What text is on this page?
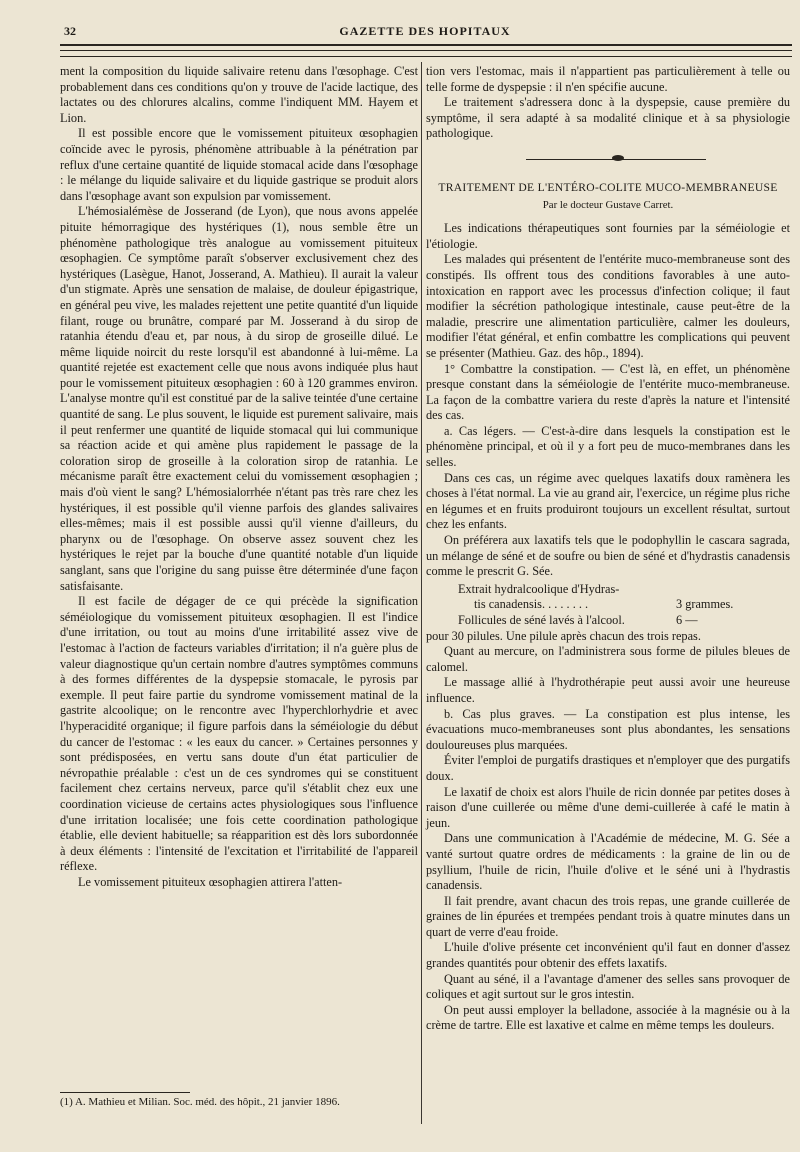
32	GAZETTE DES HOPITAUX

ment la composition du liquide salivaire retenu dans l'œsophage. C'est probablement dans ces conditions qu'on y trouve de l'acide lactique, des lactates ou des chlorures alcalins, comme l'indiquent MM. Hayem et Lion.

Il est possible encore que le vomissement pituiteux œsophagien coïncide avec le pyrosis, phénomène attribuable à la pénétration par reflux d'une certaine quantité de liquide stomacal acide dans l'œsophage : le mélange du liquide salivaire et du liquide gastrique se produit alors dans l'œsophage avant son expulsion par vomissement.

L'hémosialémèse de Josserand (de Lyon), que nous avons appelée pituite hémorragique des hystériques (1), nous semble être un phénomène pathologique très analogue au vomissement pituiteux œsophagien. Ce symptôme paraît s'observer exclusivement chez des hystériques (Lasègue, Hanot, Josserand, A. Mathieu). Il aurait la valeur d'un stigmate. Après une sensation de malaise, de douleur épigastrique, en général peu vive, les malades rejettent une petite quantité d'un liquide filant, rouge ou brunâtre, comparé par M. Josserand à du sirop de ratanhia étendu d'eau et, par nous, à du sirop de groseille dilué. Le même liquide noircit du reste lorsqu'il est abandonné à lui-même. La quantité rejetée est exactement celle que nous avons indiquée plus haut pour le vomissement pituiteux œsophagien : 60 à 120 grammes environ. L'analyse montre qu'il est constitué par de la salive teintée d'une certaine quantité de sang. Le plus souvent, le liquide est purement salivaire, mais il peut renfermer une quantité de liquide stomacal qui lui communique sa réaction acide et qui amène plus rapidement le passage de la coloration sirop de groseille à la coloration sirop de ratanhia. Le mécanisme paraît être exactement celui du vomissement œsophagien ; mais d'où vient le sang? L'hémosialorrhée n'étant pas très rare chez les hystériques, il est possible qu'il vienne parfois des glandes salivaires elles-mêmes; mais il est possible aussi qu'il vienne d'ailleurs, du pharynx ou de l'œsophage. On observe assez souvent chez les hystériques le rejet par la bouche d'une quantité notable d'un liquide sanglant, sans que l'origine du sang puisse être déterminée d'une façon satisfaisante.

Il est facile de dégager de ce qui précède la signification séméiologique du vomissement pituiteux œsophagien. Il est l'indice d'une irritation, ou tout au moins d'une irritabilité assez vive de l'estomac à l'action de facteurs variables d'irritation; il n'a guère plus de valeur diagnostique qu'un certain nombre d'autres symptômes communs à des formes différentes de la dyspepsie stomacale, le pyrosis par exemple. Il peut faire partie du syndrome vomissement matinal de la gastrite alcoolique; on le rencontre avec l'hyperchlorhydrie et avec l'hyperacidité organique; il figure parfois dans la séméiologie du début du cancer de l'estomac : « les eaux du cancer. » Certaines personnes y sont prédisposées, en vertu sans doute d'un état particulier de névropathie préalable : c'est un de ces syndromes qui se constituent facilement chez certains nerveux, parce qu'il s'établit chez eux une coordination vicieuse de certains actes physiologiques sous l'influence d'une irritation localisée; une fois cette coordination pathologique établie, elle devient habituelle; sa réapparition est dès lors subordonnée à deux éléments : l'intensité de l'excitation et l'irritabilité de l'appareil réflexe.

Le vomissement pituiteux œsophagien attirera l'atten-

tion vers l'estomac, mais il n'appartient pas particulièrement à telle ou telle forme de dyspepsie : il n'en spécifie aucune.

Le traitement s'adressera donc à la dyspepsie, cause première du symptôme, il sera adapté à sa modalité clinique et à sa physiologie pathologique.

TRAITEMENT DE L'ENTÉRO-COLITE MUCO-MEMBRANEUSE
Par le docteur Gustave Carret.

Les indications thérapeutiques sont fournies par la séméiologie et l'étiologie.

Les malades qui présentent de l'entérite muco-membraneuse sont des constipés. Ils offrent tous des conditions favorables à une auto-intoxication en rapport avec les processus d'infection colique; il faut modifier la sécrétion pathologique intestinale, cause peut-être de la maladie, prescrire une alimentation particulière, calmer les douleurs, modifier l'état général, et enfin combattre les complications qui peuvent se présenter (Mathieu. Gaz. des hôp., 1894).

1° Combattre la constipation. — C'est là, en effet, un phénomène presque constant dans la séméiologie de l'entérite muco-membraneuse. La façon de la combattre variera du reste d'après la nature et l'intensité des cas.

a. Cas légers. — C'est-à-dire dans lesquels la constipation est le phénomène principal, et où il y a fort peu de muco-membranes dans les selles.

Dans ces cas, un régime avec quelques laxatifs doux ramènera les choses à l'état normal. La vie au grand air, l'exercice, un régime plus riche en légumes et en fruits produiront toujours un excellent résultat, surtout chez les enfants.

On préférera aux laxatifs tels que le podophyllin le cascara sagrada, un mélange de séné et de soufre ou bien de séné et d'hydrastis canadensis comme le prescrit G. Sée.

Extrait hydralcoolique d'Hydras-
tis canadensis. . . . . . . .	3 grammes.
Follicules de séné lavés à l'alcool.	6 —

pour 30 pilules. Une pilule après chacun des trois repas.

Quant au mercure, on l'administrera sous forme de pilules bleues de calomel.

Le massage allié à l'hydrothérapie peut aussi avoir une heureuse influence.

b. Cas plus graves. — La constipation est plus intense, les évacuations muco-membraneuses sont plus abondantes, les sensations douloureuses plus marquées.

Éviter l'emploi de purgatifs drastiques et n'employer que des purgatifs doux.

Le laxatif de choix est alors l'huile de ricin donnée par petites doses à raison d'une cuillerée ou même d'une demi-cuillerée à café le matin à jeun.

Dans une communication à l'Académie de médecine, M. G. Sée a vanté surtout quatre ordres de médicaments : la graine de lin ou de psyllium, l'huile de ricin, l'huile d'olive et le séné uni à l'hydrastis canadensis.

Il fait prendre, avant chacun des trois repas, une grande cuillerée de graines de lin épurées et trempées pendant trois à quatre minutes dans un quart de verre d'eau froide.

L'huile d'olive présente cet inconvénient qu'il faut en donner d'assez grandes quantités pour obtenir des effets laxatifs.

Quant au séné, il a l'avantage d'amener des selles sans provoquer de coliques et agit surtout sur le gros intestin.

On peut aussi employer la belladone, associée à la magnésie ou à la crème de tartre. Elle est laxative et calme en même temps les douleurs.

(1) A. Mathieu et Milian. Soc. méd. des hôpit., 21 janvier 1896.
